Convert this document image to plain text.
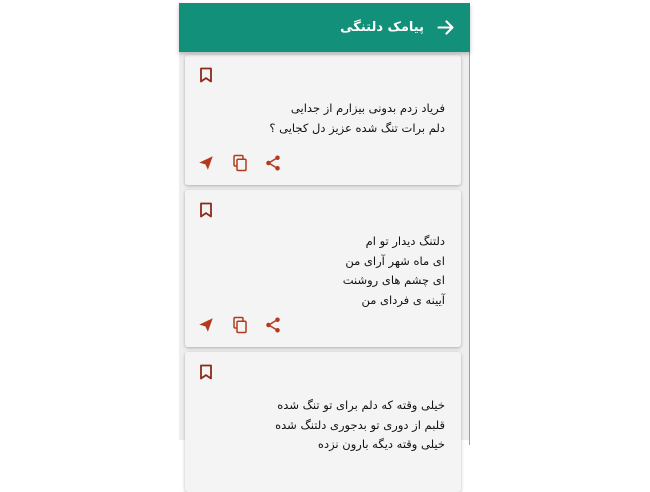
پیامک دلتنگی
فریاد زدم بدونی بیزارم از جدایی
دلم برات تنگ شده عزیز دل کجایی ؟
دلتنگ دیدار تو ام
ای ماه شهر آرای من
ای چشم های روشنت
آیینه ی فردای من
خیلی وقته که دلم برای تو تنگ شده
قلبم از دوری تو بدجوری دلتنگ شده
خیلی وقته دیگه بارون نزده
